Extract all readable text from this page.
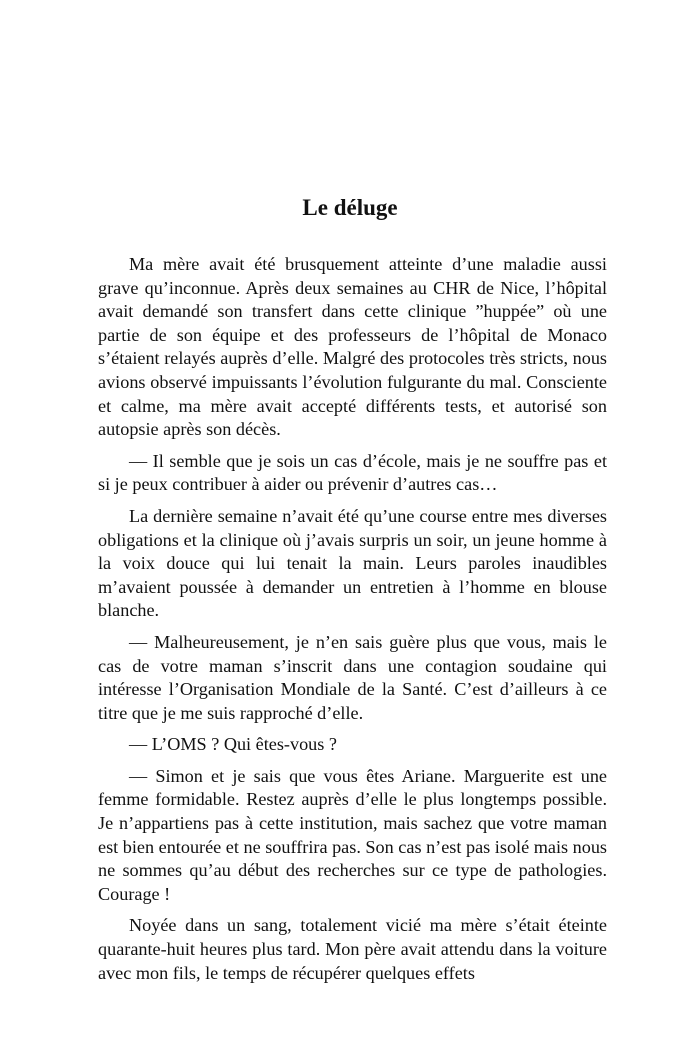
Le déluge

Ma mère avait été brusquement atteinte d’une maladie aussi grave qu’inconnue. Après deux semaines au CHR de Nice, l’hôpital avait demandé son transfert dans cette clinique ”huppée” où une partie de son équipe et des professeurs de l’hôpital de Monaco s’étaient relayés auprès d’elle. Malgré des protocoles très stricts, nous avions observé impuissants l’évolution fulgurante du mal. Consciente et calme, ma mère avait accepté différents tests, et autorisé son autopsie après son décès.

— Il semble que je sois un cas d’école, mais je ne souffre pas et si je peux contribuer à aider ou prévenir d’autres cas…

La dernière semaine n’avait été qu’une course entre mes diverses obligations et la clinique où j’avais surpris un soir, un jeune homme à la voix douce qui lui tenait la main. Leurs paroles inaudibles m’avaient poussée à demander un entretien à l’homme en blouse blanche.

— Malheureusement, je n’en sais guère plus que vous, mais le cas de votre maman s’inscrit dans une contagion soudaine qui intéresse l’Organisation Mondiale de la Santé. C’est d’ailleurs à ce titre que je me suis rapproché d’elle.

— L’OMS ? Qui êtes-vous ?

— Simon et je sais que vous êtes Ariane. Marguerite est une femme formidable. Restez auprès d’elle le plus longtemps possible. Je n’appartiens pas à cette institution, mais sachez que votre maman est bien entourée et ne souffrira pas. Son cas n’est pas isolé mais nous ne sommes qu’au début des recherches sur ce type de pathologies. Courage !

Noyée dans un sang, totalement vicié ma mère s’était éteinte quarante-huit heures plus tard. Mon père avait attendu dans la voiture avec mon fils, le temps de récupérer quelques effets
